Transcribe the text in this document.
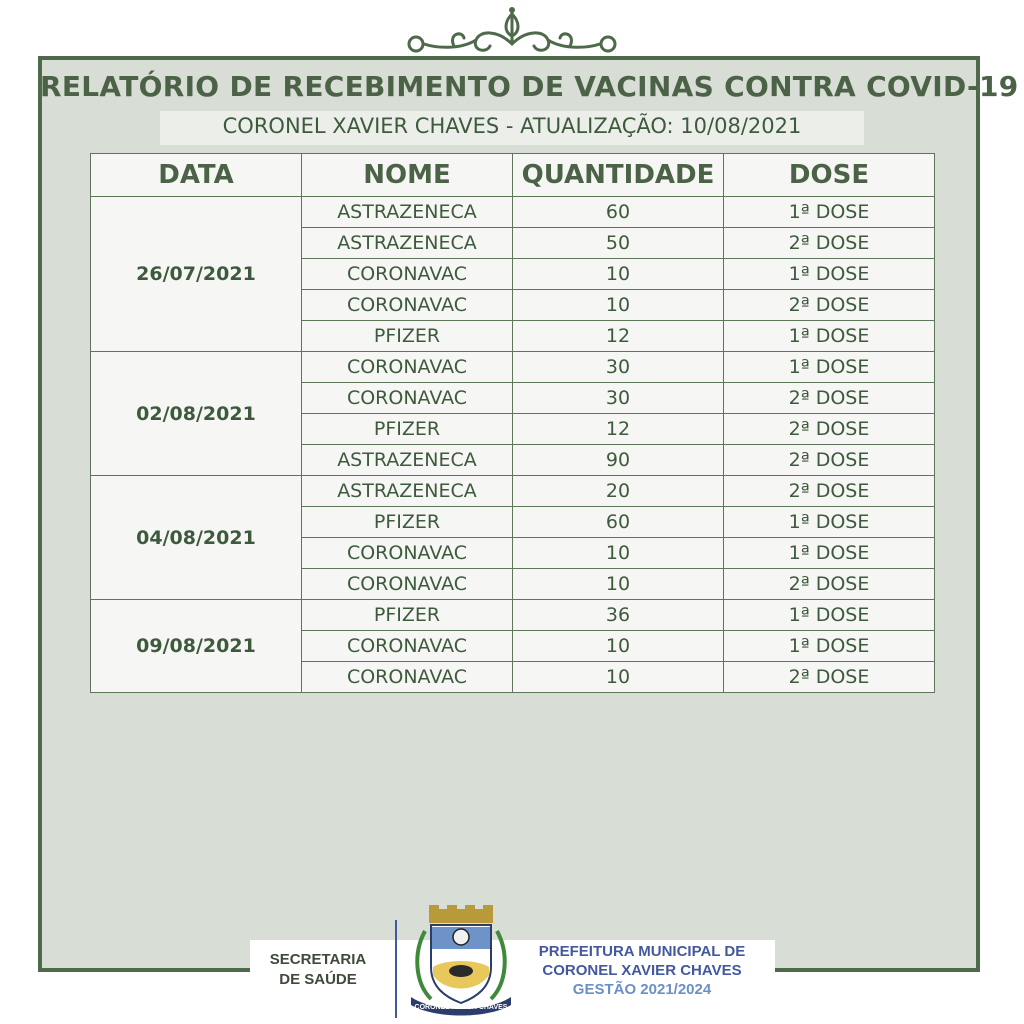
RELATÓRIO DE RECEBIMENTO DE VACINAS CONTRA COVID-19
CORONEL XAVIER CHAVES - ATUALIZAÇÃO: 10/08/2021
DATA	NOME	QUANTIDADE	DOSE
26/07/2021	ASTRAZENECA	60	1ª DOSE
	ASTRAZENECA	50	2ª DOSE
	CORONAVAC	10	1ª DOSE
	CORONAVAC	10	2ª DOSE
	PFIZER	12	1ª DOSE
02/08/2021	CORONAVAC	30	1ª DOSE
	CORONAVAC	30	2ª DOSE
	PFIZER	12	2ª DOSE
	ASTRAZENECA	90	2ª DOSE
04/08/2021	ASTRAZENECA	20	2ª DOSE
	PFIZER	60	1ª DOSE
	CORONAVAC	10	1ª DOSE
	CORONAVAC	10	2ª DOSE
09/08/2021	PFIZER	36	1ª DOSE
	CORONAVAC	10	1ª DOSE
	CORONAVAC	10	2ª DOSE
SECRETARIA
DE SAÚDE
CORONEL XAVIER CHAVES
PREFEITURA MUNICIPAL DE
CORONEL XAVIER CHAVES
GESTÃO 2021/2024
